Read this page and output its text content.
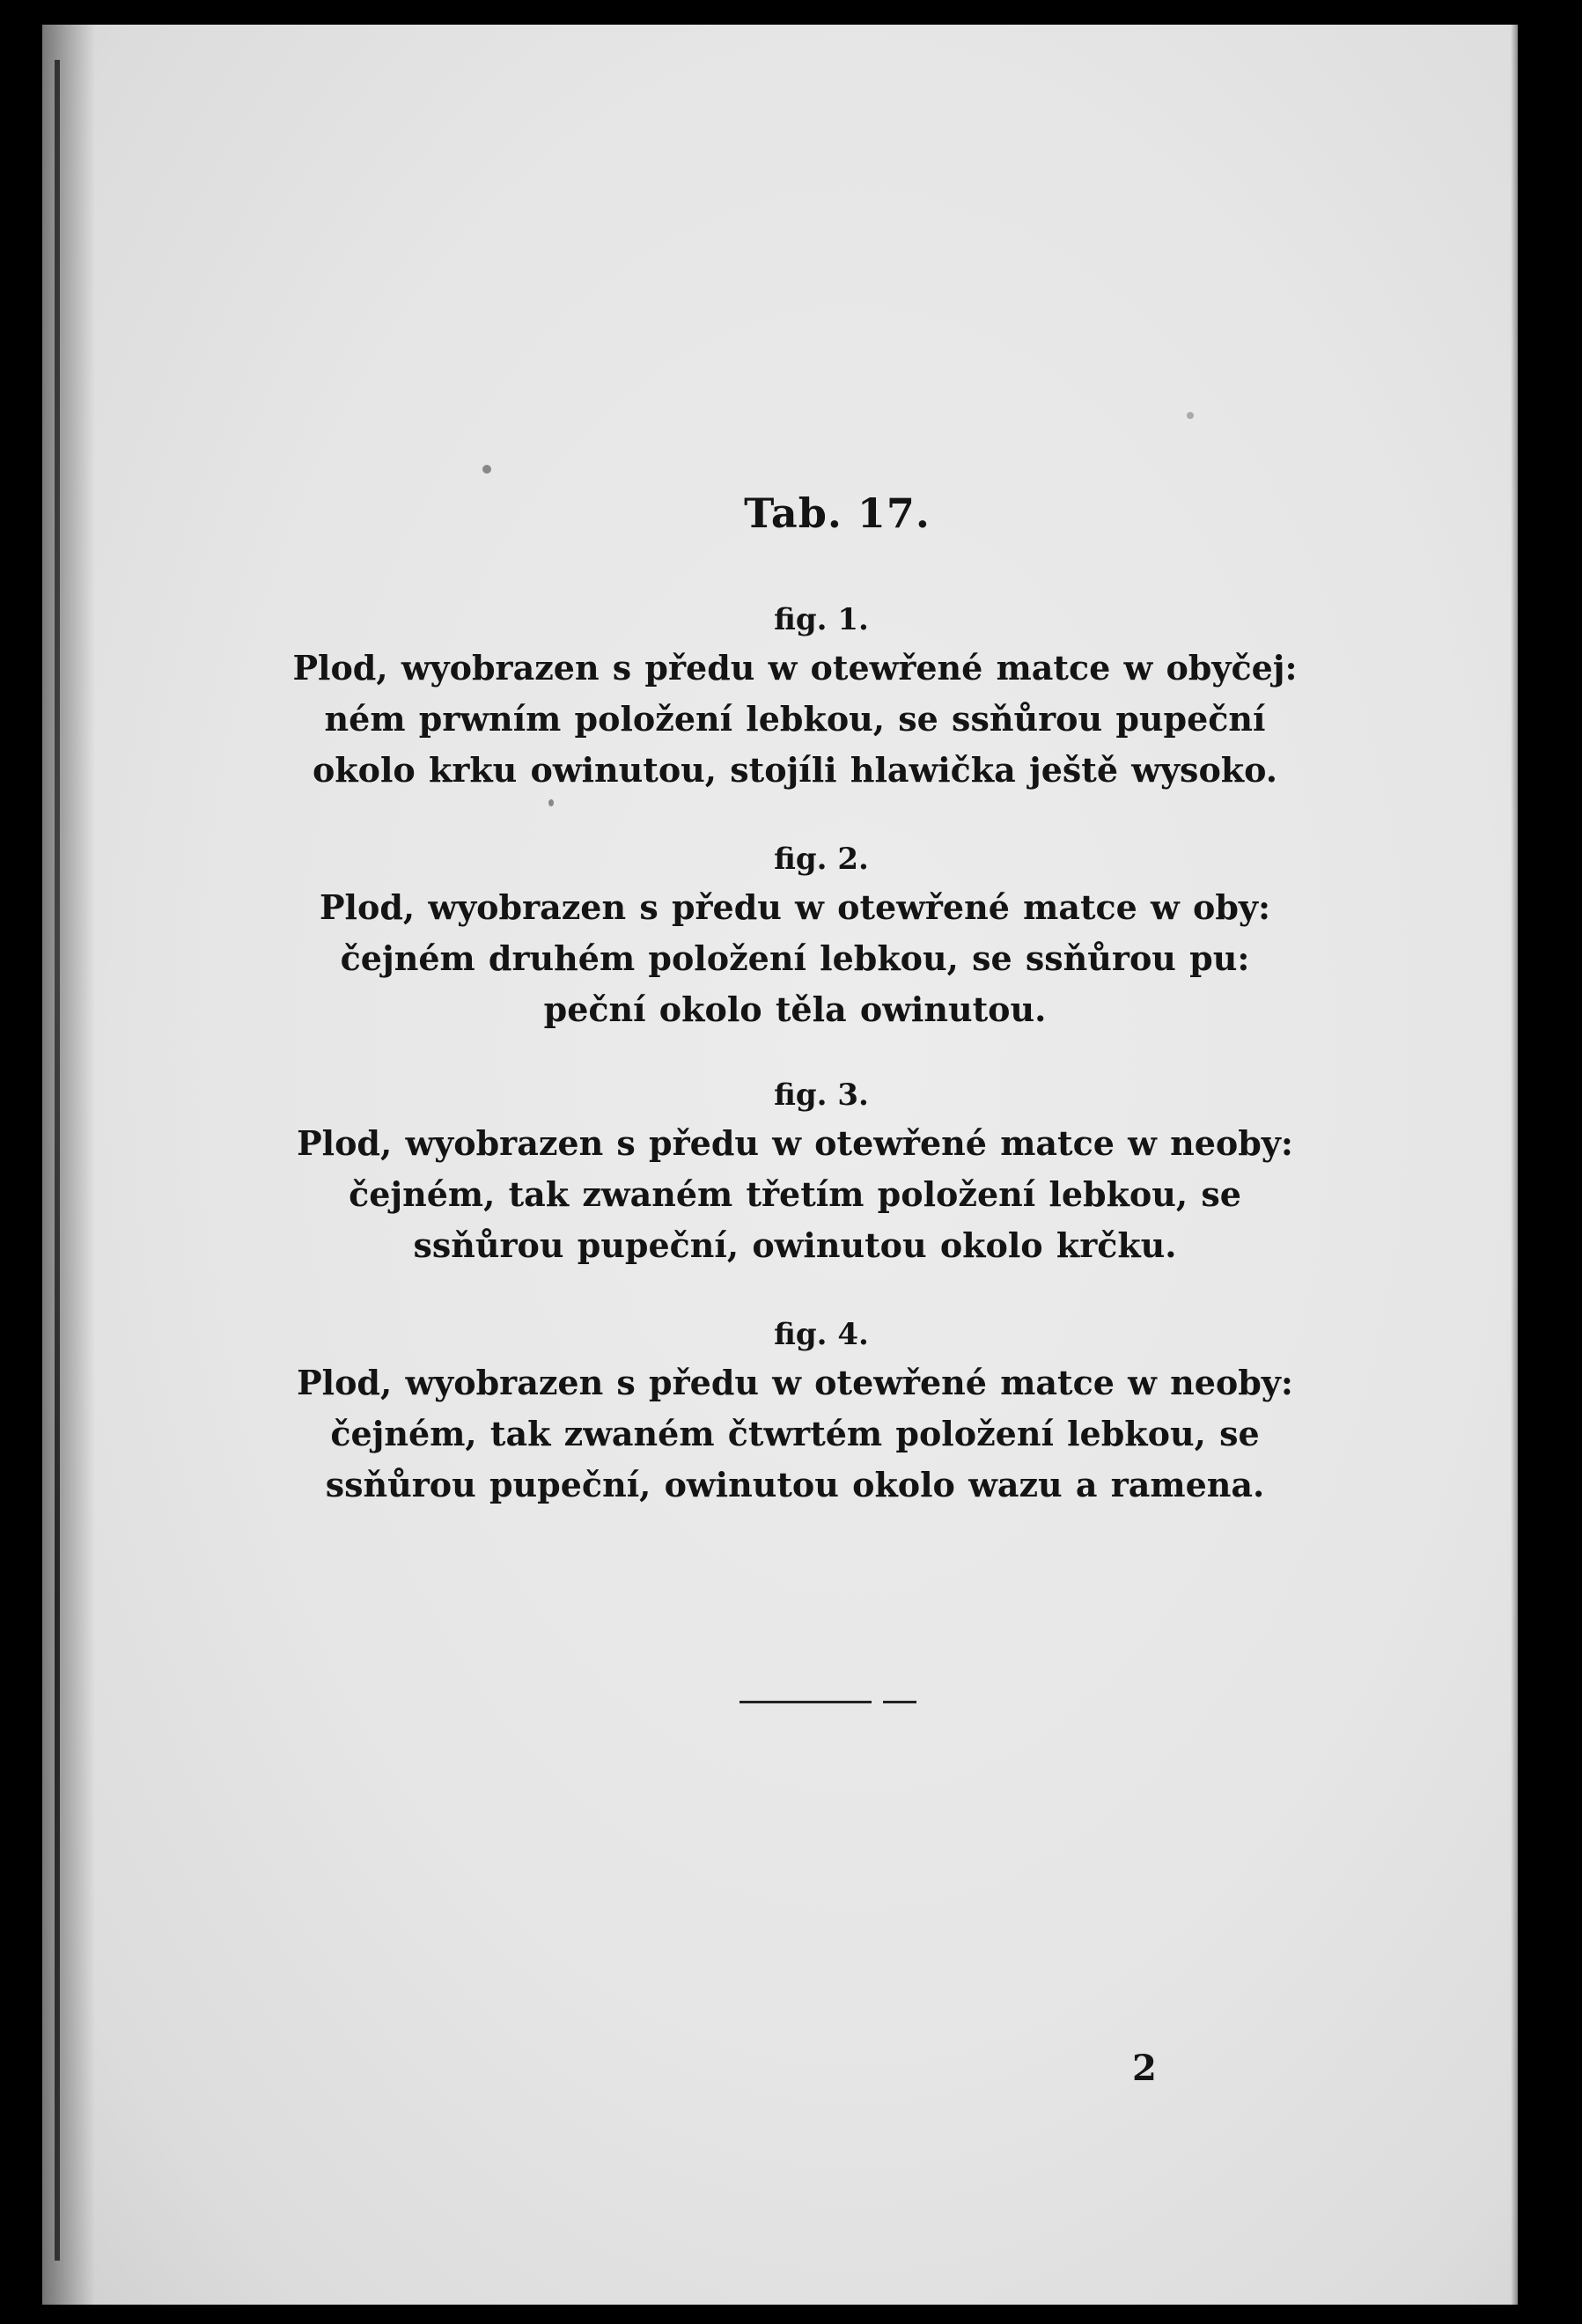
Tab. 17.
fig. 1.
Plod, wyobrazen s předu w otewřené matce w obyčej:
ném prwním položení lebkou, se ssňůrou pupeční
okolo krku owinutou, stojíli hlawička ještě wysoko.
fig. 2.
Plod, wyobrazen s předu w otewřené matce w oby:
čejném druhém položení lebkou, se ssňůrou pu:
peční okolo těla owinutou.
fig. 3.
Plod, wyobrazen s předu w otewřené matce w neoby:
čejném, tak zwaném třetím položení lebkou, se
ssňůrou pupeční, owinutou okolo krčku.
fig. 4.
Plod, wyobrazen s předu w otewřené matce w neoby:
čejném, tak zwaném čtwrtém položení lebkou, se
ssňůrou pupeční, owinutou okolo wazu a ramena.
2
